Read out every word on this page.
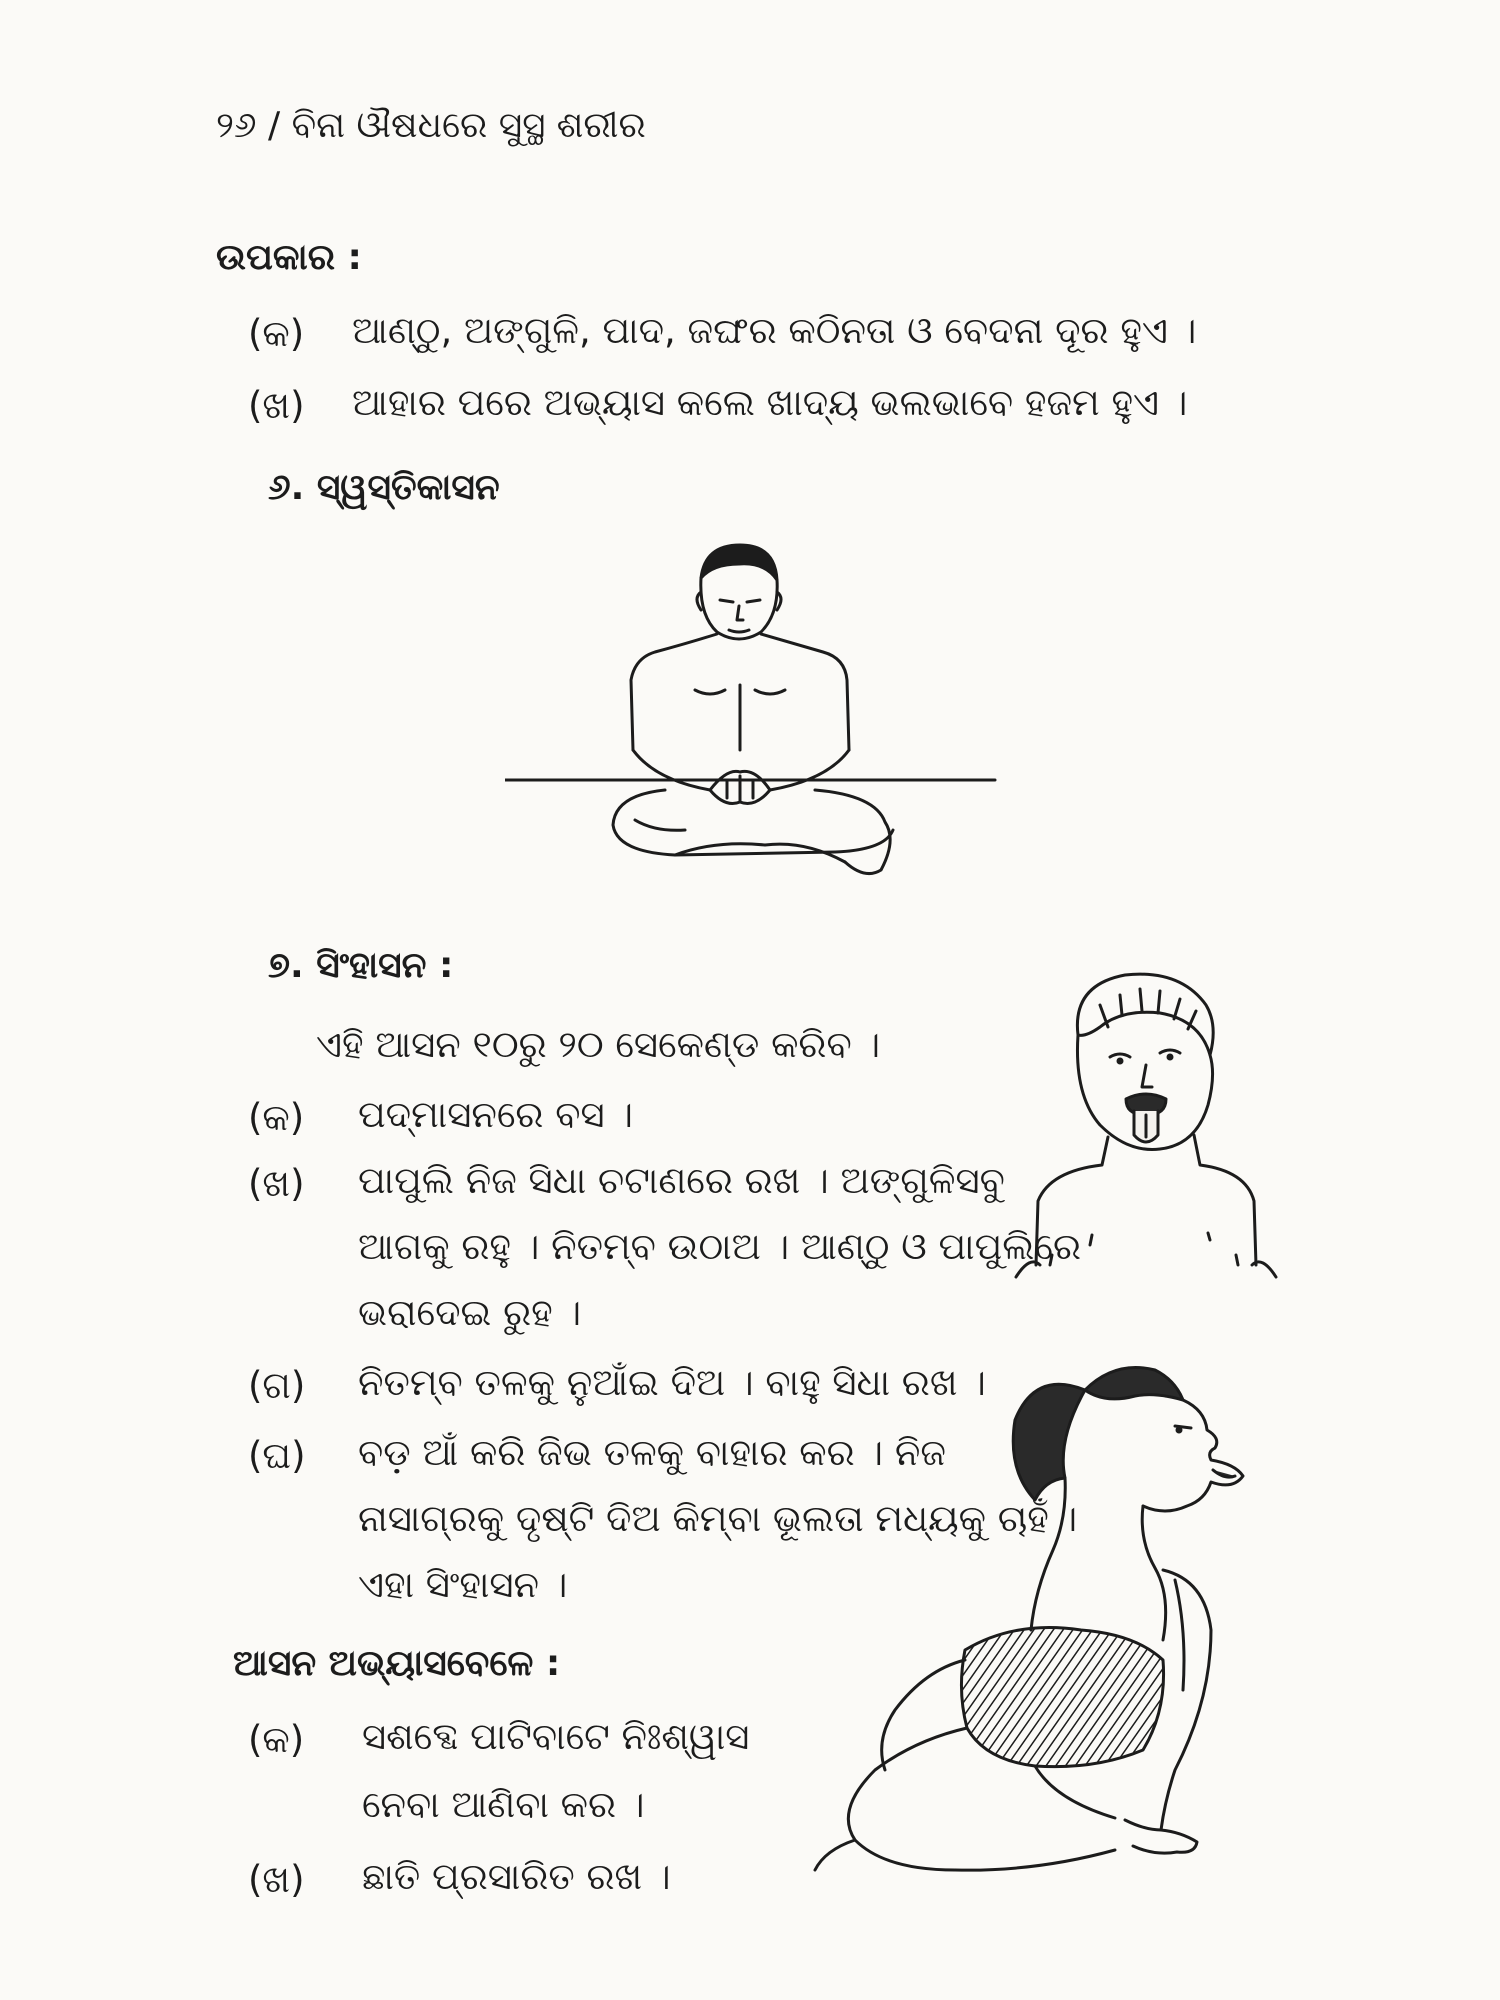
୨୬ / ବିନା ଔଷଧରେ ସୁସ୍ଥ ଶରୀର
ଉପକାର :
(କ) ଆଣ୍ଠୁ, ଅଙ୍ଗୁଳି, ପାଦ, ଜଙ୍ଘର କଠିନତା ଓ ବେଦନା ଦୂର ହୁଏ ।
(ଖ) ଆହାର ପରେ ଅଭ୍ୟାସ କଲେ ଖାଦ୍ୟ ଭଲଭାବେ ହଜମ ହୁଏ ।
୬. ସ୍ୱସ୍ତିକାସନ
୭. ସିଂହାସନ :
ଏହି ଆସନ ୧୦ରୁ ୨୦ ସେକେଣ୍ଡ କରିବ ।
(କ) ପଦ୍ମାସନରେ ବସ ।
(ଖ) ପାପୁଲି ନିଜ ସିଧା ଚଟାଣରେ ରଖ । ଅଙ୍ଗୁଳିସବୁ
ଆଗକୁ ରହୁ । ନିତମ୍ବ ଉଠାଅ । ଆଣ୍ଠୁ ଓ ପାପୁଲିରେ
ଭରାଦେଇ ରୁହ ।
(ଗ) ନିତମ୍ବ ତଳକୁ ନୁଆଁଇ ଦିଅ । ବାହୁ ସିଧା ରଖ ।
(ଘ) ବଡ଼ ଆଁ କରି ଜିଭ ତଳକୁ ବାହାର କର । ନିଜ
ନାସାଗ୍ରକୁ ଦୃଷ୍ଟି ଦିଅ କିମ୍ବା ଭୂଲତା ମଧ୍ୟକୁ ଚାହଁ ।
ଏହା ସିଂହାସନ ।
ଆସନ ଅଭ୍ୟାସବେଳେ :
(କ) ସଶବ୍ଦେ ପାଟିବାଟେ ନିଃଶ୍ୱାସ
ନେବା ଆଣିବା କର ।
(ଖ) ଛାତି ପ୍ରସାରିତ ରଖ ।
